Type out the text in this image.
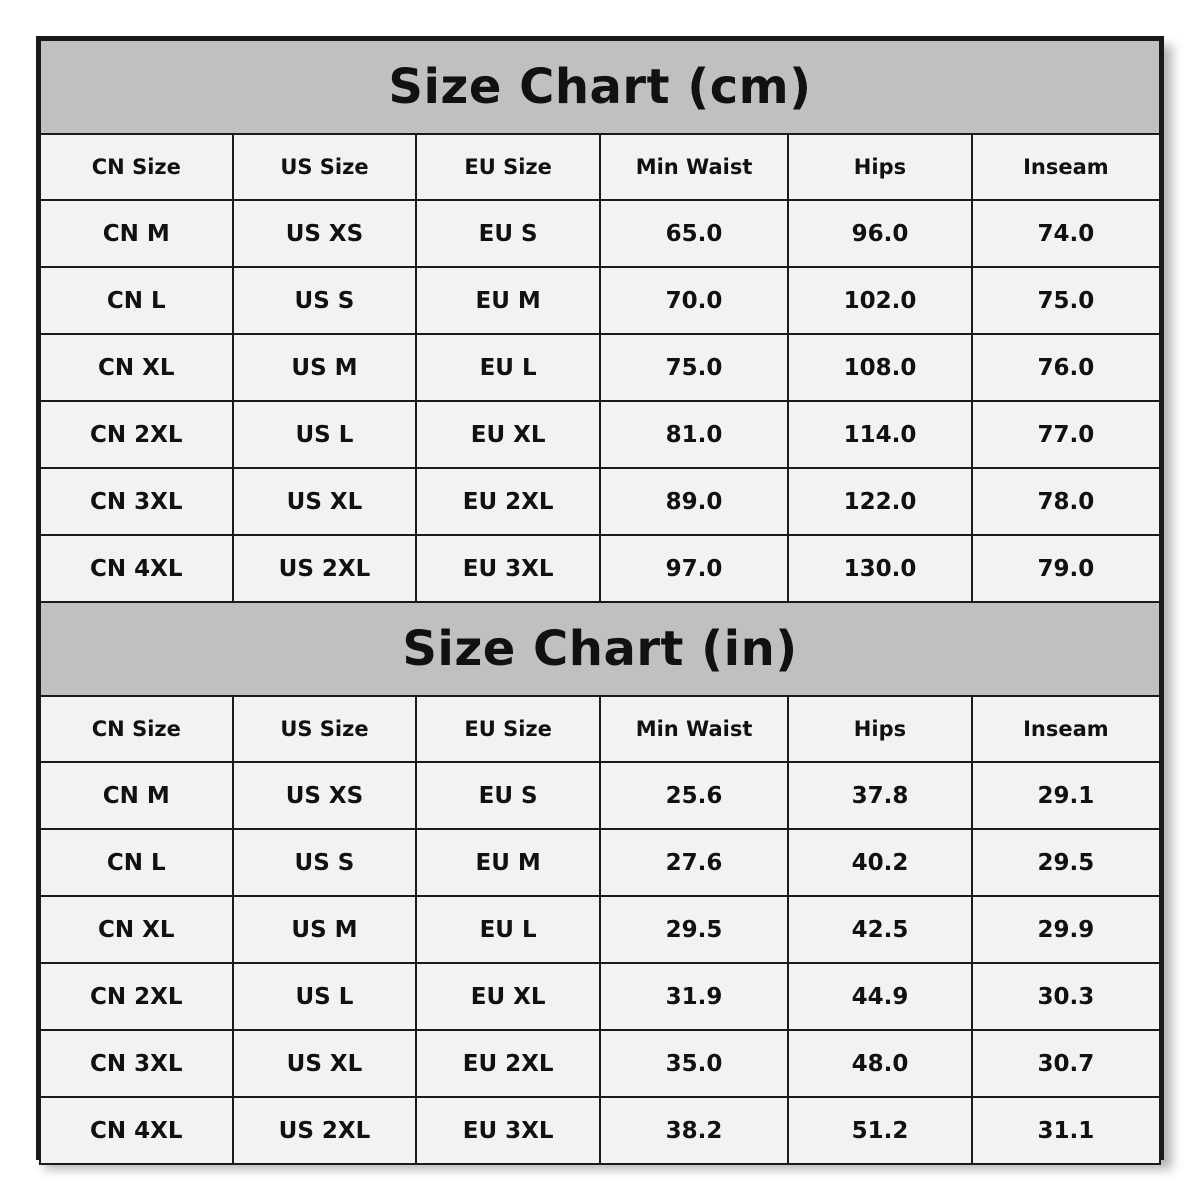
Size Chart (cm)					
CN Size	US Size	EU Size	Min Waist	Hips	Inseam
CN M	US XS	EU S	65.0	96.0	74.0
CN L	US S	EU M	70.0	102.0	75.0
CN XL	US M	EU L	75.0	108.0	76.0
CN 2XL	US L	EU XL	81.0	114.0	77.0
CN 3XL	US XL	EU 2XL	89.0	122.0	78.0
CN 4XL	US 2XL	EU 3XL	97.0	130.0	79.0
Size Chart (in)					
CN Size	US Size	EU Size	Min Waist	Hips	Inseam
CN M	US XS	EU S	25.6	37.8	29.1
CN L	US S	EU M	27.6	40.2	29.5
CN XL	US M	EU L	29.5	42.5	29.9
CN 2XL	US L	EU XL	31.9	44.9	30.3
CN 3XL	US XL	EU 2XL	35.0	48.0	30.7
CN 4XL	US 2XL	EU 3XL	38.2	51.2	31.1
